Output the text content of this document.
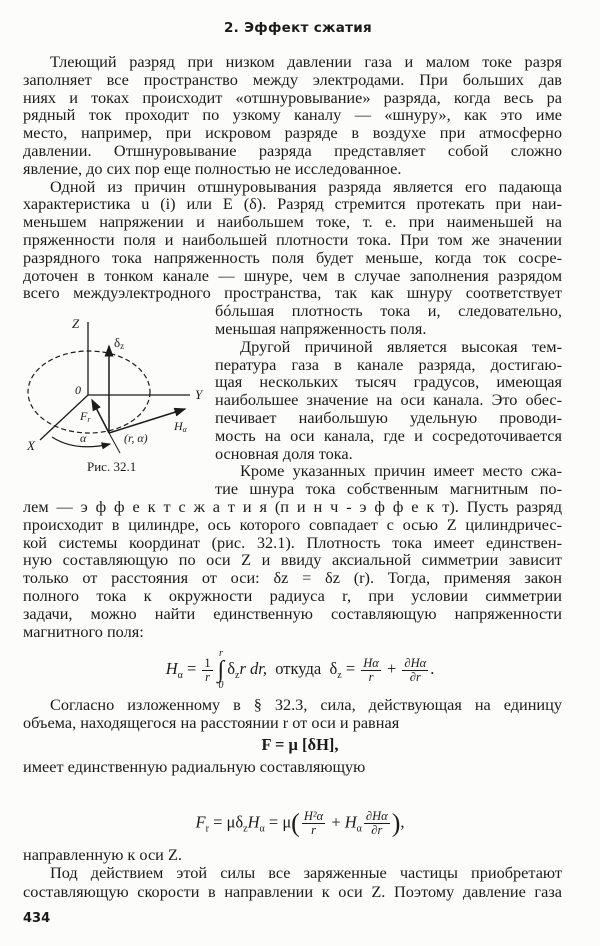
2. Эффект сжатия
Тлеющий разряд при низком давлении газа и малом токе разря
заполняет все пространство между электродами. При больших дав
ниях и токах происходит «отшнуровывание» разряда, когда весь ра
рядный ток проходит по узкому каналу — «шнуру», как это име
место, например, при искровом разряде в воздухе при атмосферно
давлении. Отшнуровывание разряда представляет собой сложно
явление, до сих пор еще полностью не исследованное.
Одной из причин отшнуровывания разряда является его падающа
характеристика u (i) или E (δ). Разряд стремится протекать при наи-
меньшем напряжении и наибольшем токе, т. е. при наименьшей на
пряженности поля и наибольшей плотности тока. При том же значении
разрядного тока напряженность поля будет меньше, когда ток сосре-
доточен в тонком канале — шнуре, чем в случае заполнения разрядом
всего междуэлектродного пространства, так как шнуру соответствует
бóльшая плотность тока и, следовательно,
меньшая напряженность поля.
Другой причиной является высокая тем-
пература газа в канале разряда, достигаю-
щая нескольких тысяч градусов, имеющая
наибольшее значение на оси канала. Это обес-
печивает наибольшую удельную проводи-
мость на оси канала, где и сосредоточивается
основная доля тока.
Кроме указанных причин имеет место сжа-
тие шнура тока собственным магнитным по-
лем — э ф ф е к т с ж а т и я (п и н ч - э ф ф е к т). Пусть разряд
происходит в цилиндре, ось которого совпадает с осью Z цилиндричес-
кой системы координат (рис. 32.1). Плотность тока имеет единствен-
ную составляющую по оси Z и ввиду аксиальной симметрии зависит
только от расстояния от оси: δz = δz (r). Тогда, применяя закон
полного тока к окружности радиуса r, при условии симметрии
задачи, можно найти единственную составляющую напряженности
магнитного поля:
Z
Y
X
0
δz
Fr	Hα
α	(r, α)
Рис. 32.1
$H_\alpha = \frac{1}{r}$
r
∫
0
$\delta_zr$ dr, откуда $\delta_z = \frac{H\alpha}{r} + \frac{\partial H\alpha}{\partial r}$ .
Согласно изложенному в § 32.3, сила, действующая на единицу
объема, находящегося на расстоянии r от оси и равная
F = μ [δH],
имеет единственную радиальную составляющую
$F_r = \mu\delta_zH_\alpha = \mu( \frac{\text{H²α}}{r} + H_\alpha \frac{\partial H\alpha}{\partial r}$ ),
направленную к оси Z.
Под действием этой силы все заряженные частицы приобретают
составляющую скорости в направлении к оси Z. Поэтому давление газа
434
